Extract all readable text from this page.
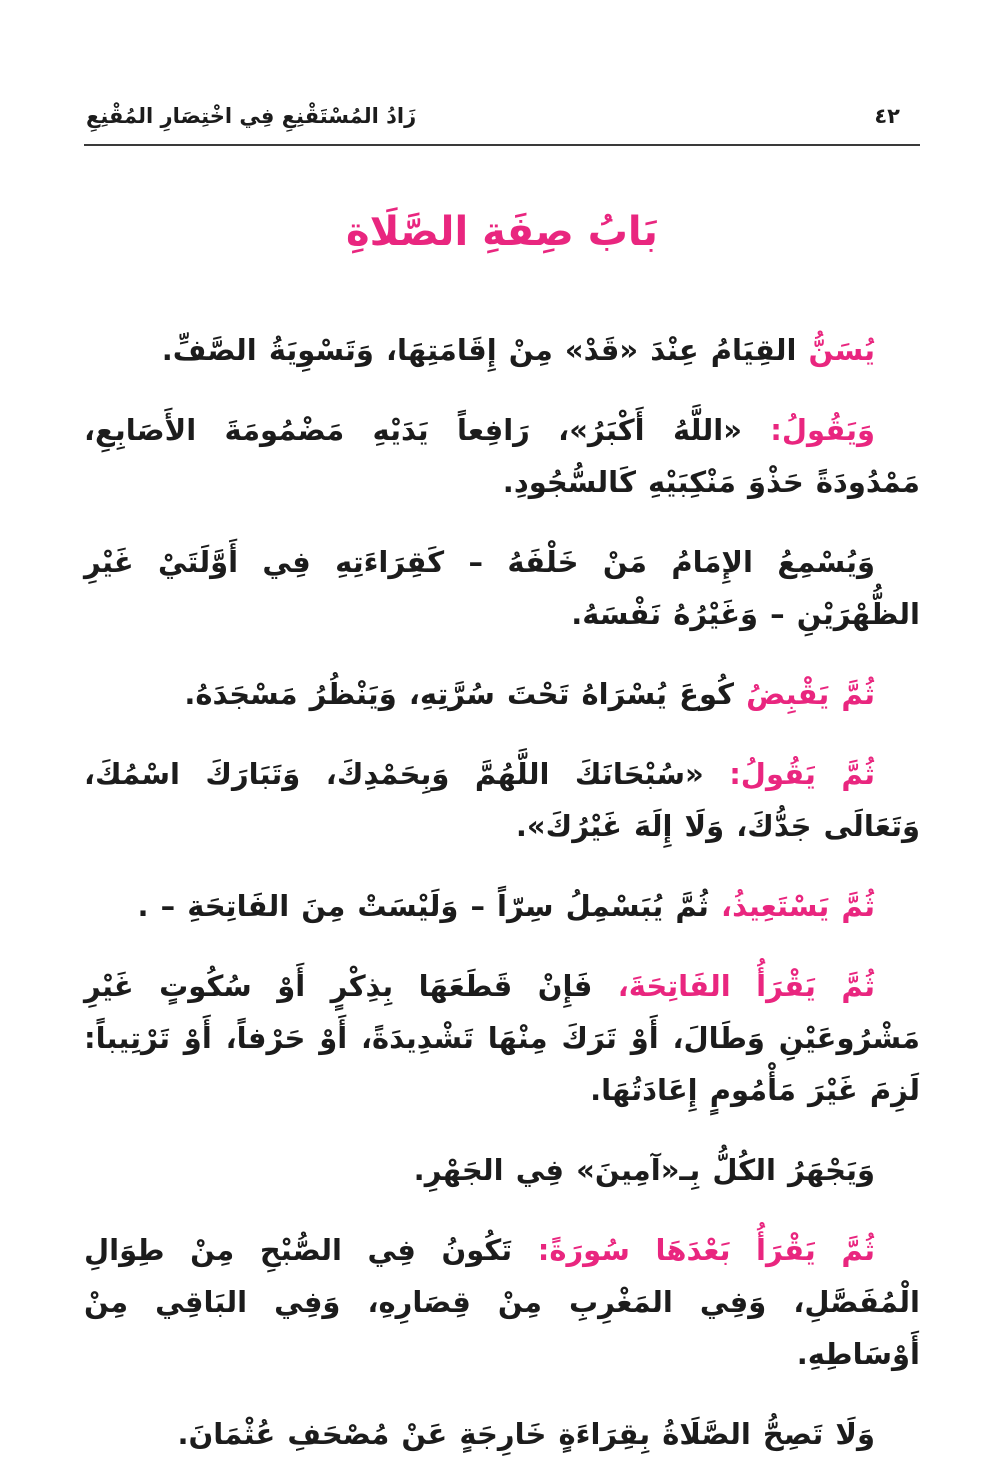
٤٢
زَادُ المُسْتَقْنِعِ فِي اخْتِصَارِ المُقْنِعِ
بَابُ صِفَةِ الصَّلَاةِ

يُسَنُّ القِيَامُ عِنْدَ «قَدْ» مِنْ إِقَامَتِهَا، وَتَسْوِيَةُ الصَّفِّ.

وَيَقُولُ: «اللَّهُ أَكْبَرُ»، رَافِعاً يَدَيْهِ مَضْمُومَةَ الأَصَابِعِ، مَمْدُودَةً حَذْوَ مَنْكِبَيْهِ كَالسُّجُودِ.

وَيُسْمِعُ الإِمَامُ مَنْ خَلْفَهُ – كَقِرَاءَتِهِ فِي أَوَّلَتَيْ غَيْرِ الظُّهْرَيْنِ – وَغَيْرُهُ نَفْسَهُ.

ثُمَّ يَقْبِضُ كُوعَ يُسْرَاهُ تَحْتَ سُرَّتِهِ، وَيَنْظُرُ مَسْجَدَهُ.

ثُمَّ يَقُولُ: «سُبْحَانَكَ اللَّهُمَّ وَبِحَمْدِكَ، وَتَبَارَكَ اسْمُكَ، وَتَعَالَى جَدُّكَ، وَلَا إِلَهَ غَيْرُكَ».

ثُمَّ يَسْتَعِيذُ، ثُمَّ يُبَسْمِلُ سِرّاً – وَلَيْسَتْ مِنَ الفَاتِحَةِ – .

ثُمَّ يَقْرَأُ الفَاتِحَةَ، فَإِنْ قَطَعَهَا بِذِكْرٍ أَوْ سُكُوتٍ غَيْرِ مَشْرُوعَيْنِ وَطَالَ، أَوْ تَرَكَ مِنْهَا تَشْدِيدَةً، أَوْ حَرْفاً، أَوْ تَرْتِيباً: لَزِمَ غَيْرَ مَأْمُومٍ إِعَادَتُهَا.

وَيَجْهَرُ الكُلُّ بِـ«آمِينَ» فِي الجَهْرِ.

ثُمَّ يَقْرَأُ بَعْدَهَا سُورَةً: تَكُونُ فِي الصُّبْحِ مِنْ طِوَالِ الْمُفَصَّلِ، وَفِي المَغْرِبِ مِنْ قِصَارِهِ، وَفِي البَاقِي مِنْ أَوْسَاطِهِ.

وَلَا تَصِحُّ الصَّلَاةُ بِقِرَاءَةٍ خَارِجَةٍ عَنْ مُصْحَفِ عُثْمَانَ.
